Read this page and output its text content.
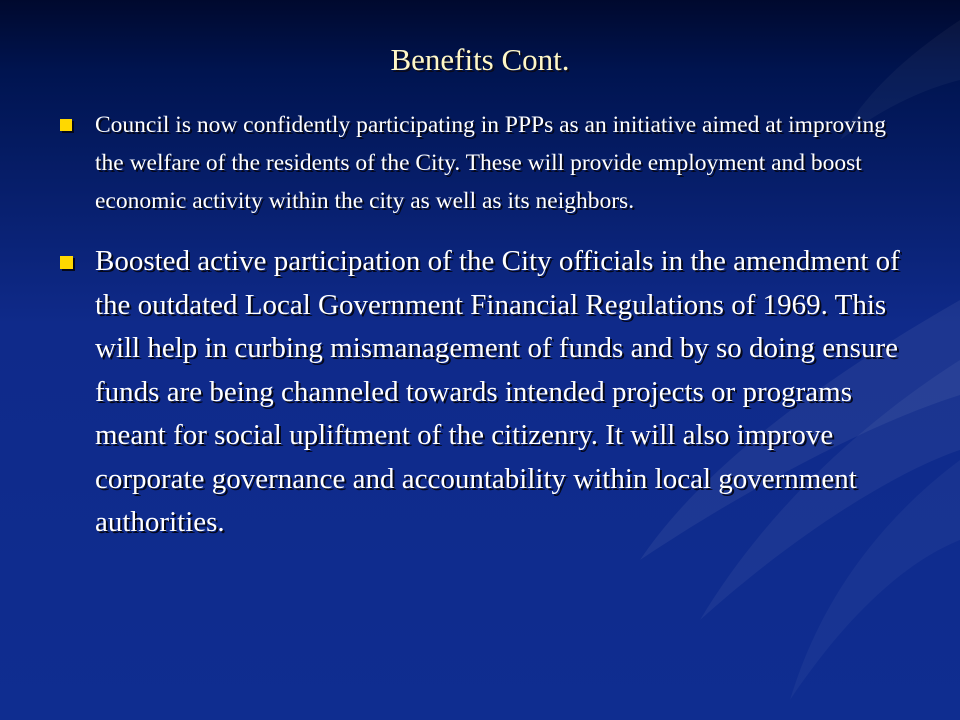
Benefits Cont.
Council is now confidently participating in PPPs as an initiative aimed at improving the welfare of the residents of the City. These will provide employment and boost economic activity within the city as well as its neighbors.
Boosted active participation of the City officials in the amendment of the outdated Local Government Financial Regulations of 1969. This will help in curbing mismanagement of funds and by so doing ensure funds are being channeled towards intended projects or programs meant for social upliftment of the citizenry. It will also improve corporate governance and accountability within local government authorities.
